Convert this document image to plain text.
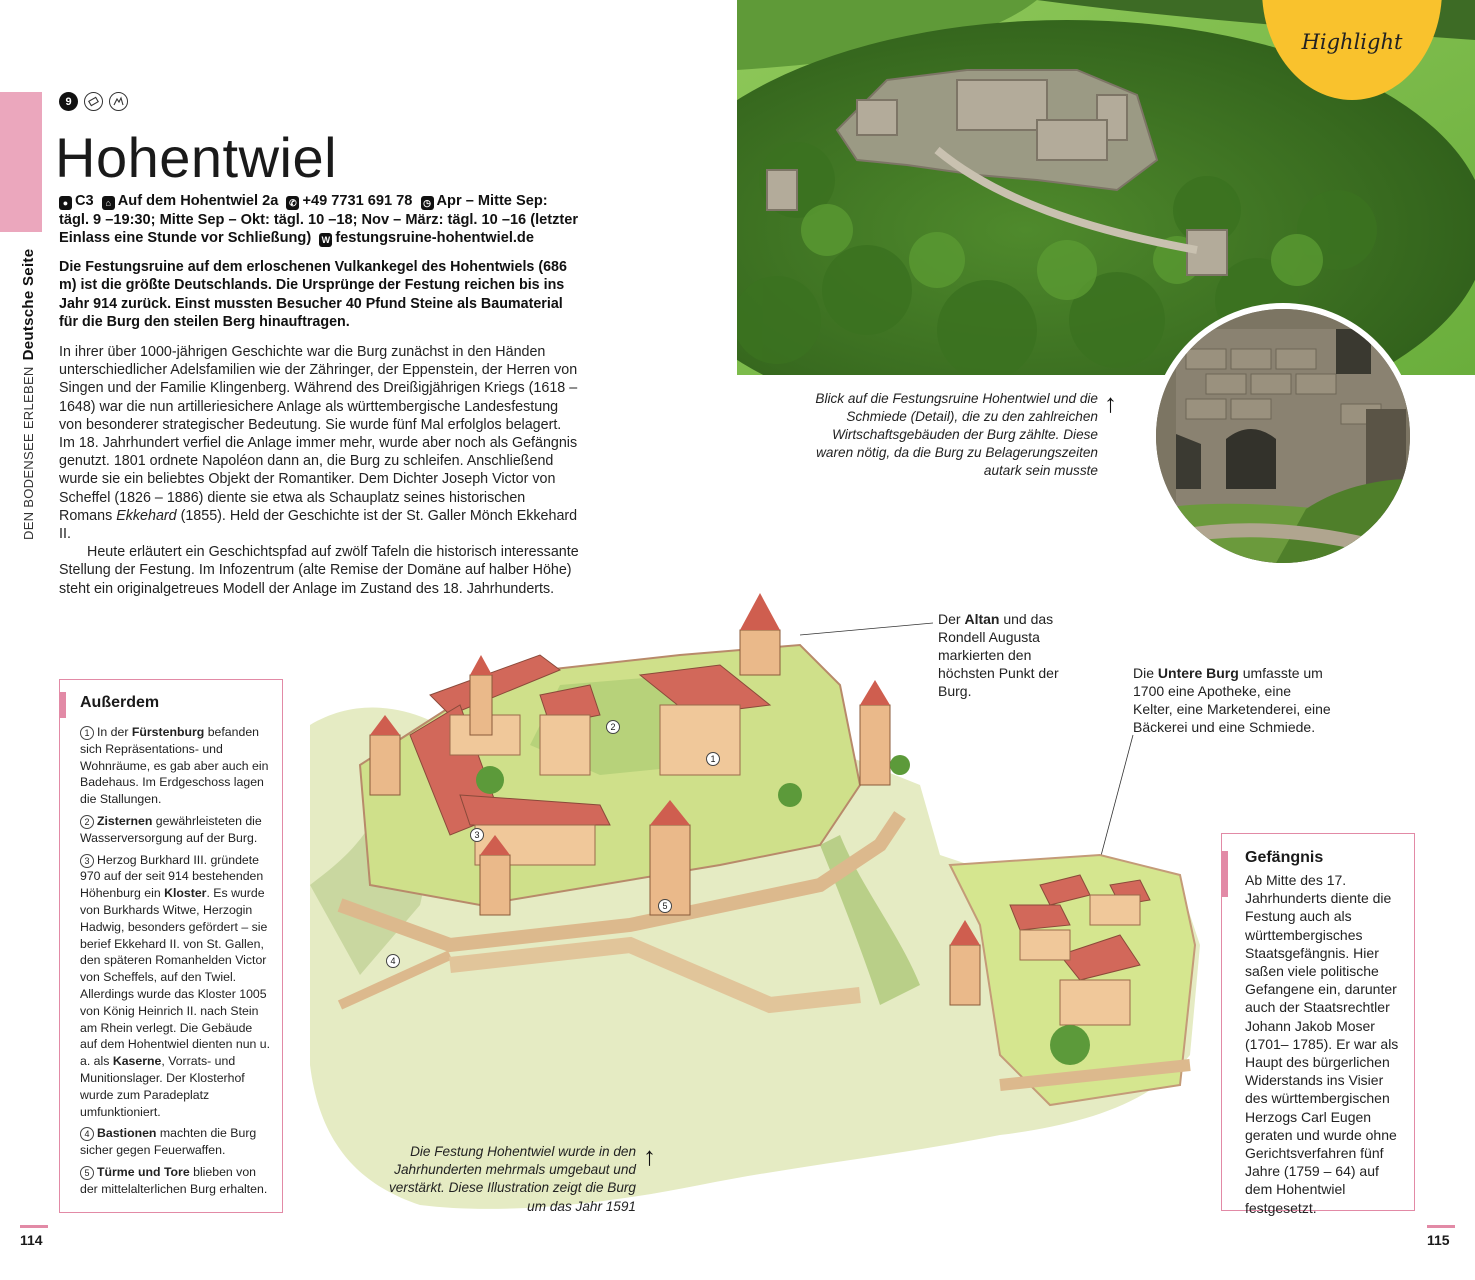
DEN BODENSEE ERLEBENDeutsche Seite
9
Hohentwiel
● C3 ⌂ Auf dem Hohentwiel 2a ✆ +49 7731 691 78 ◷ Apr – Mitte Sep: tägl. 9 –19:30; Mitte Sep – Okt: tägl. 10 –18; Nov – März: tägl. 10 –16 (letzter Einlass eine Stunde vor Schließung) W festungsruine-hohentwiel.de
Die Festungsruine auf dem erloschenen Vulkankegel des Hohentwiels (686 m) ist die größte Deutschlands. Die Ursprünge der Festung reichen bis ins Jahr 914 zurück. Einst mussten Besucher 40 Pfund Steine als Baumaterial für die Burg den steilen Berg hinauftragen.

In ihrer über 1000-jährigen Geschichte war die Burg zunächst in den Händen unterschiedlicher Adelsfamilien wie der Zähringer, der Eppenstein, der Herren von Singen und der Familie Klingenberg. Während des Dreißigjährigen Kriegs (1618 – 1648) war die nun artilleriesichere Anlage als württembergische Landesfestung von besonderer strategischer Bedeutung. Sie wurde fünf Mal erfolglos belagert. Im 18. Jahrhundert verfiel die Anlage immer mehr, wurde aber noch als Gefängnis genutzt. 1801 ordnete Napoléon dann an, die Burg zu schleifen. Anschließend wurde sie ein beliebtes Objekt der Romantiker. Dem Dichter Joseph Victor von Scheffel (1826 – 1886) diente sie etwa als Schauplatz seines historischen Romans Ekkehard (1855). Held der Geschichte ist der St. Galler Mönch Ekkehard II.

Heute erläutert ein Geschichtspfad auf zwölf Tafeln die historisch interessante Stellung der Festung. Im Infozentrum (alte Remise der Domäne auf halber Höhe) steht ein originalgetreues Modell der Anlage im Zustand des 18. Jahrhunderts.

Highlight
Blick auf die Festungsruine Hohentwiel und die Schmiede (Detail), die zu den zahlreichen Wirtschaftsgebäuden der Burg zählte. Diese waren nötig, da die Burg zu Belagerungszeiten autark sein musste
↑
Der Altan und das Rondell Augusta markierten den höchsten Punkt der Burg.
Die Untere Burg umfasste um 1700 eine Apotheke, eine Kelter, eine Marketenderei, eine Bäckerei und eine Schmiede.
2
1
3
5
4
Außerdem
1 In der Fürstenburg befanden sich Repräsentations- und Wohnräume, es gab aber auch ein Badehaus. Im Erdgeschoss lagen die Stallungen.
2 Zisternen gewährleisteten die Wasserversorgung auf der Burg.
3 Herzog Burkhard III. gründete 970 auf der seit 914 bestehenden Höhenburg ein Kloster. Es wurde von Burkhards Witwe, Herzogin Hadwig, besonders gefördert – sie berief Ekkehard II. von St. Gallen, den späteren Romanhelden Victor von Scheffels, auf den Twiel. Allerdings wurde das Kloster 1005 von König Heinrich II. nach Stein am Rhein verlegt. Die Gebäude auf dem Hohentwiel dienten nun u. a. als Kaserne, Vorrats- und Munitionslager. Der Klosterhof wurde zum Paradeplatz umfunktioniert.
4 Bastionen machten die Burg sicher gegen Feuerwaffen.
5 Türme und Tore blieben von der mittelalterlichen Burg erhalten.
Gefängnis
Ab Mitte des 17. Jahrhunderts diente die Festung auch als württembergisches Staatsgefängnis. Hier saßen viele politische Gefangene ein, darunter auch der Staatsrechtler Johann Jakob Moser (1701– 1785). Er war als Haupt des bürgerlichen Widerstands ins Visier des württembergischen Herzogs Carl Eugen geraten und wurde ohne Gerichtsverfahren fünf Jahre (1759 – 64) auf dem Hohentwiel festgesetzt.
Die Festung Hohentwiel wurde in den Jahrhunderten mehrmals umgebaut und verstärkt. Diese Illustration zeigt die Burg um das Jahr 1591
↑
114	115
